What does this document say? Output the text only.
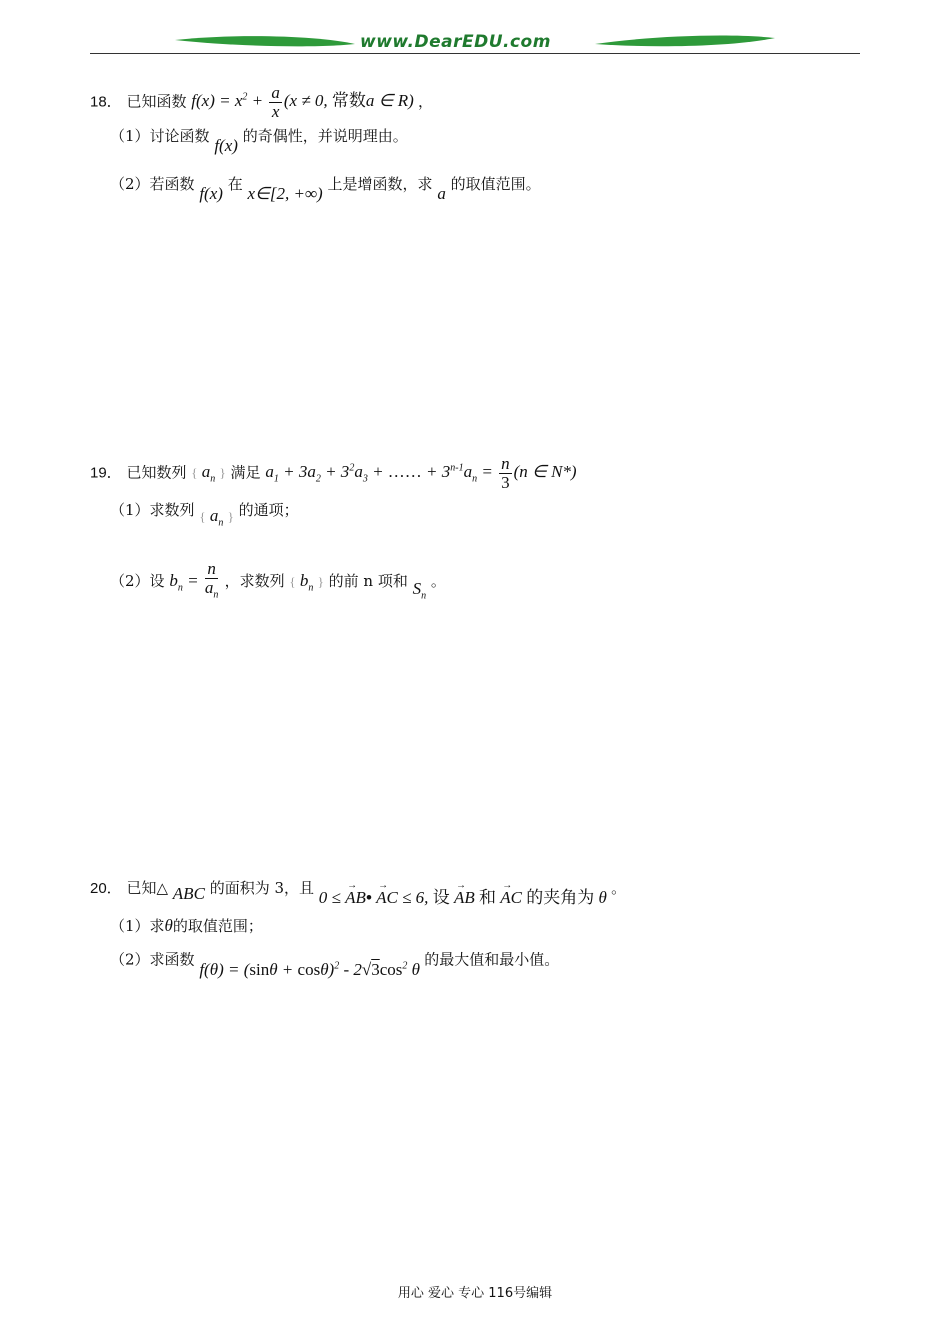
www.DearEDU.com
18． 已知函数 $f(x) = x^2 + \frac{a}{x} (x \ne 0$, 常数a ∈ R) ，
（1）讨论函数 f(x) 的奇偶性，并说明理由。
（2）若函数 f(x) 在 x∈[2, +∞) 上是增函数，求 a 的取值范围。
19． 已知数列 { $a_n$ } 满足 $a_1 + 3a_2 + 3^2a_3$ + …… + $3^{n-1}a_n = \frac{n}{3} (n$ ∈ N*)
（1）求数列 { $a_n$ } 的通项；
（2）设 $b_n = \frac{n}{a_n}$ ，求数列 { $b_n$ } 的前 n 项和 $S_n$ 。
20． 已知△ ABC 的面积为 3，且 0 ≤ → AB• → AC ≤ 6, 设 → AB 和 → AC 的夹角为 θ 。
（1）求θ的取值范围；
（2）求函数 $f(\theta) = (\sin\theta + \cos\theta)^2 - 2√3\cos^2$ θ 的最大值和最小值。
用心 爱心 专心 116号编辑
